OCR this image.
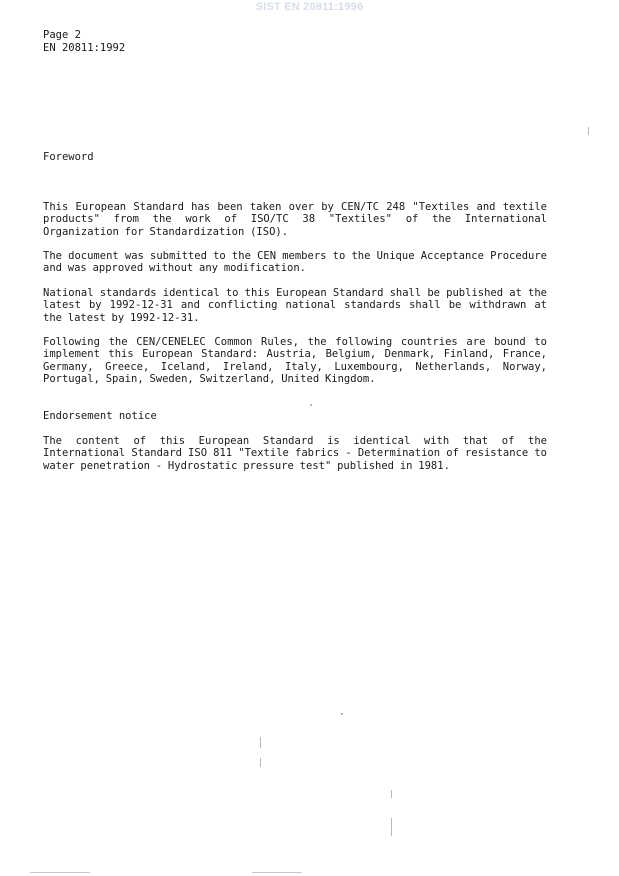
SIST EN 20811:1996
Page 2
EN 20811:1992
Foreword
This European Standard has been taken over by CEN/TC 248 "Textiles and textile products" from the work of ISO/TC 38 "Textiles" of the International Organization for Standardization (ISO).
The document was submitted to the CEN members to the Unique Acceptance Procedure and was approved without any modification.
National standards identical to this European Standard shall be published at the latest by 1992-12-31 and conflicting national standards shall be withdrawn at the latest by 1992-12-31.
Following the CEN/CENELEC Common Rules, the following countries are bound to implement this European Standard: Austria, Belgium, Denmark, Finland, France, Germany, Greece, Iceland, Ireland, Italy, Luxembourg, Netherlands, Norway, Portugal, Spain, Sweden, Switzerland, United Kingdom.
Endorsement notice
The content of this European Standard is identical with that of the International Standard ISO 811 "Textile fabrics - Determination of resistance to water penetration - Hydrostatic pressure test" published in 1981.
